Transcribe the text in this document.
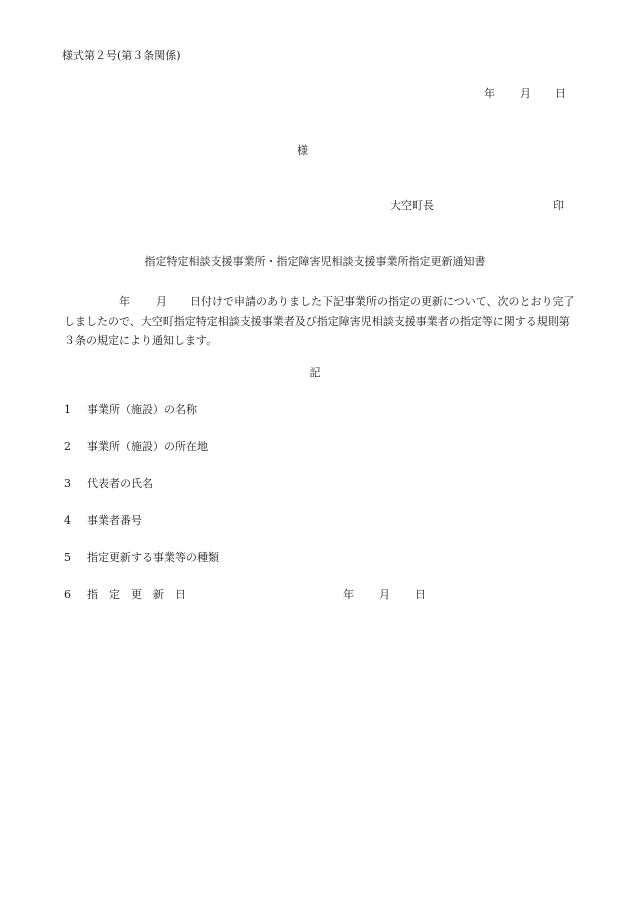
様式第２号(第３条関係)
年 月 日
様
大空町長	印
指定特定相談支援事業所・指定障害児相談支援事業所指定更新通知書
年 月 日付けで申請のありました下記事業所の指定の更新について、次のとおり完了しましたので、大空町指定特定相談支援事業者及び指定障害児相談支援事業者の指定等に関する規則第３条の規定により通知します。
記
1 事業所（施設）の名称
2 事業所（施設）の所在地
3 代表者の氏名
4 事業者番号
5 指定更新する事業等の種類
6 指　定　更　新　日	年 月 日
